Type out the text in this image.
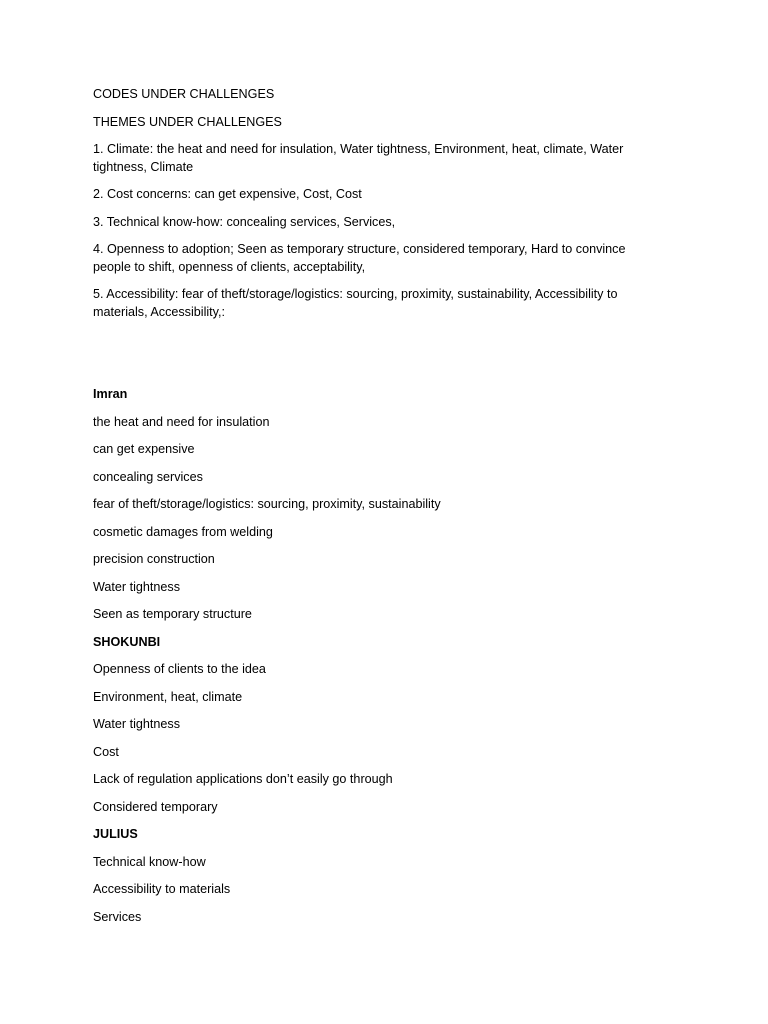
CODES UNDER CHALLENGES

THEMES UNDER CHALLENGES

1. Climate: the heat and need for insulation, Water tightness, Environment, heat, climate, Water tightness, Climate

2. Cost concerns: can get expensive, Cost, Cost

3. Technical know-how: concealing services, Services,

4. Openness to adoption; Seen as temporary structure, considered temporary, Hard to convince people to shift, openness of clients, acceptability,

5. Accessibility: fear of theft/storage/logistics: sourcing, proximity, sustainability, Accessibility to materials, Accessibility,:

Imran

the heat and need for insulation

can get expensive

concealing services

fear of theft/storage/logistics: sourcing, proximity, sustainability

cosmetic damages from welding

precision construction

Water tightness

Seen as temporary structure

SHOKUNBI

Openness of clients to the idea

Environment, heat, climate

Water tightness

Cost

Lack of regulation applications don’t easily go through

Considered temporary

JULIUS

Technical know-how

Accessibility to materials

Services
